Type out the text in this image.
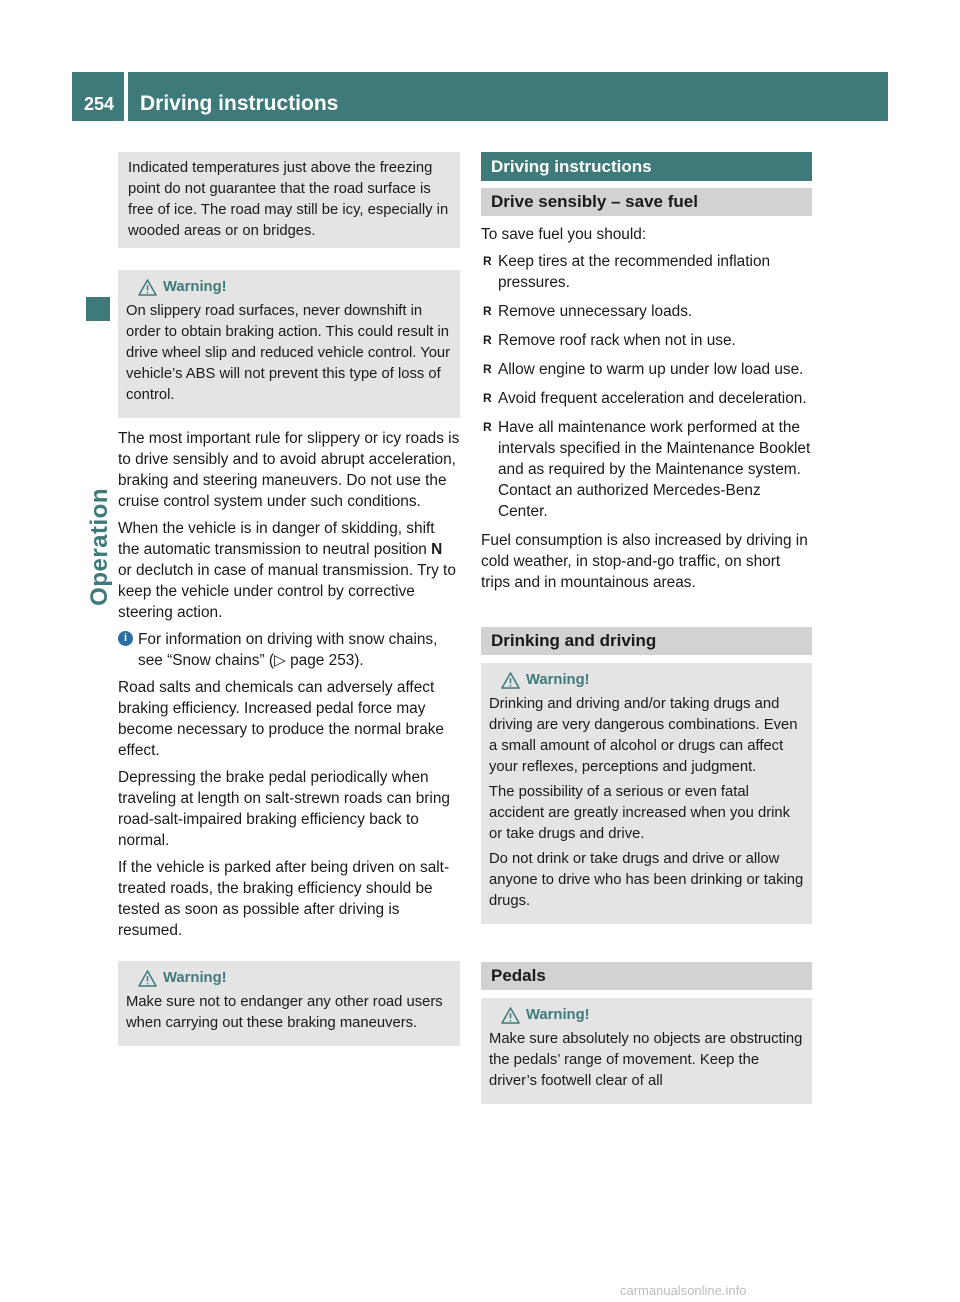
254	Driving instructions
Operation
Indicated temperatures just above the freezing point do not guarantee that the road surface is free of ice. The road may still be icy, especially in wooded areas or on bridges.
Warning!

On slippery road surfaces, never downshift in order to obtain braking action. This could result in drive wheel slip and reduced vehicle control. Your vehicle’s ABS will not prevent this type of loss of control.

The most important rule for slippery or icy roads is to drive sensibly and to avoid abrupt acceleration, braking and steering maneuvers. Do not use the cruise control system under such conditions.

When the vehicle is in danger of skidding, shift the automatic transmission to neutral position N or declutch in case of manual transmission. Try to keep the vehicle under control by corrective steering action.

i For information on driving with snow chains, see “Snow chains” (▷ page 253).

Road salts and chemicals can adversely affect braking efficiency. Increased pedal force may become necessary to produce the normal brake effect.

Depressing the brake pedal periodically when traveling at length on salt-strewn roads can bring road-salt-impaired braking efficiency back to normal.

If the vehicle is parked after being driven on salt-treated roads, the braking efficiency should be tested as soon as possible after driving is resumed.

Warning!

Make sure not to endanger any other road users when carrying out these braking maneuvers.

Driving instructions
Drive sensibly – save fuel

To save fuel you should:

R Keep tires at the recommended inflation pressures.
R Remove unnecessary loads.
R Remove roof rack when not in use.
R Allow engine to warm up under low load use.
R Avoid frequent acceleration and deceleration.
R Have all maintenance work performed at the intervals specified in the Maintenance Booklet and as required by the Maintenance system. Contact an authorized Mercedes-Benz Center.

Fuel consumption is also increased by driving in cold weather, in stop-and-go traffic, on short trips and in mountainous areas.

Drinking and driving
Warning!

Drinking and driving and/or taking drugs and driving are very dangerous combinations. Even a small amount of alcohol or drugs can affect your reflexes, perceptions and judgment.

The possibility of a serious or even fatal accident are greatly increased when you drink or take drugs and drive.

Do not drink or take drugs and drive or allow anyone to drive who has been drinking or taking drugs.

Pedals
Warning!

Make sure absolutely no objects are obstructing the pedals’ range of movement. Keep the driver’s footwell clear of all

carmanualsonline.info
